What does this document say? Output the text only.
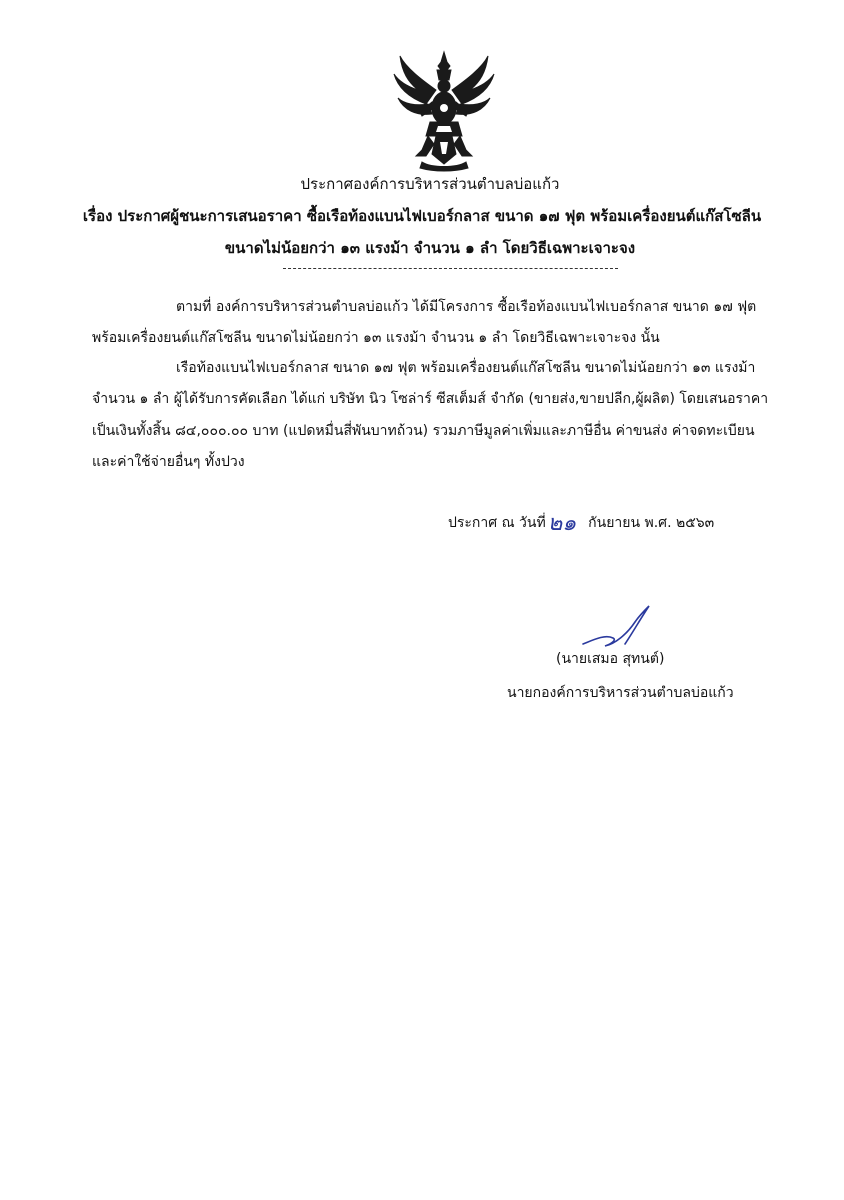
ประกาศองค์การบริหารส่วนตำบลบ่อแก้ว
เรื่อง ประกาศผู้ชนะการเสนอราคา ซื้อเรือท้องแบนไฟเบอร์กลาส ขนาด ๑๗ ฟุต พร้อมเครื่องยนต์แก๊สโซลีน
ขนาดไม่น้อยกว่า ๑๓ แรงม้า จำนวน ๑ ลำ โดยวิธีเฉพาะเจาะจง
ตามที่ องค์การบริหารส่วนตำบลบ่อแก้ว ได้มีโครงการ ซื้อเรือท้องแบนไฟเบอร์กลาส ขนาด ๑๗ ฟุต
พร้อมเครื่องยนต์แก๊สโซลีน ขนาดไม่น้อยกว่า ๑๓ แรงม้า จำนวน ๑ ลำ โดยวิธีเฉพาะเจาะจง นั้น
เรือท้องแบนไฟเบอร์กลาส ขนาด ๑๗ ฟุต พร้อมเครื่องยนต์แก๊สโซลีน ขนาดไม่น้อยกว่า ๑๓ แรงม้า
จำนวน ๑ ลำ ผู้ได้รับการคัดเลือก ได้แก่ บริษัท นิว โซล่าร์ ซีสเต็มส์ จำกัด (ขายส่ง,ขายปลีก,ผู้ผลิต) โดยเสนอราคา
เป็นเงินทั้งสิ้น ๘๔,๐๐๐.๐๐ บาท (แปดหมื่นสี่พันบาทถ้วน) รวมภาษีมูลค่าเพิ่มและภาษีอื่น ค่าขนส่ง ค่าจดทะเบียน
และค่าใช้จ่ายอื่นๆ ทั้งปวง
ประกาศ ณ วันที่๒๑ กันยายน พ.ศ. ๒๕๖๓
(นายเสมอ สุทนต์)
นายกองค์การบริหารส่วนตำบลบ่อแก้ว
